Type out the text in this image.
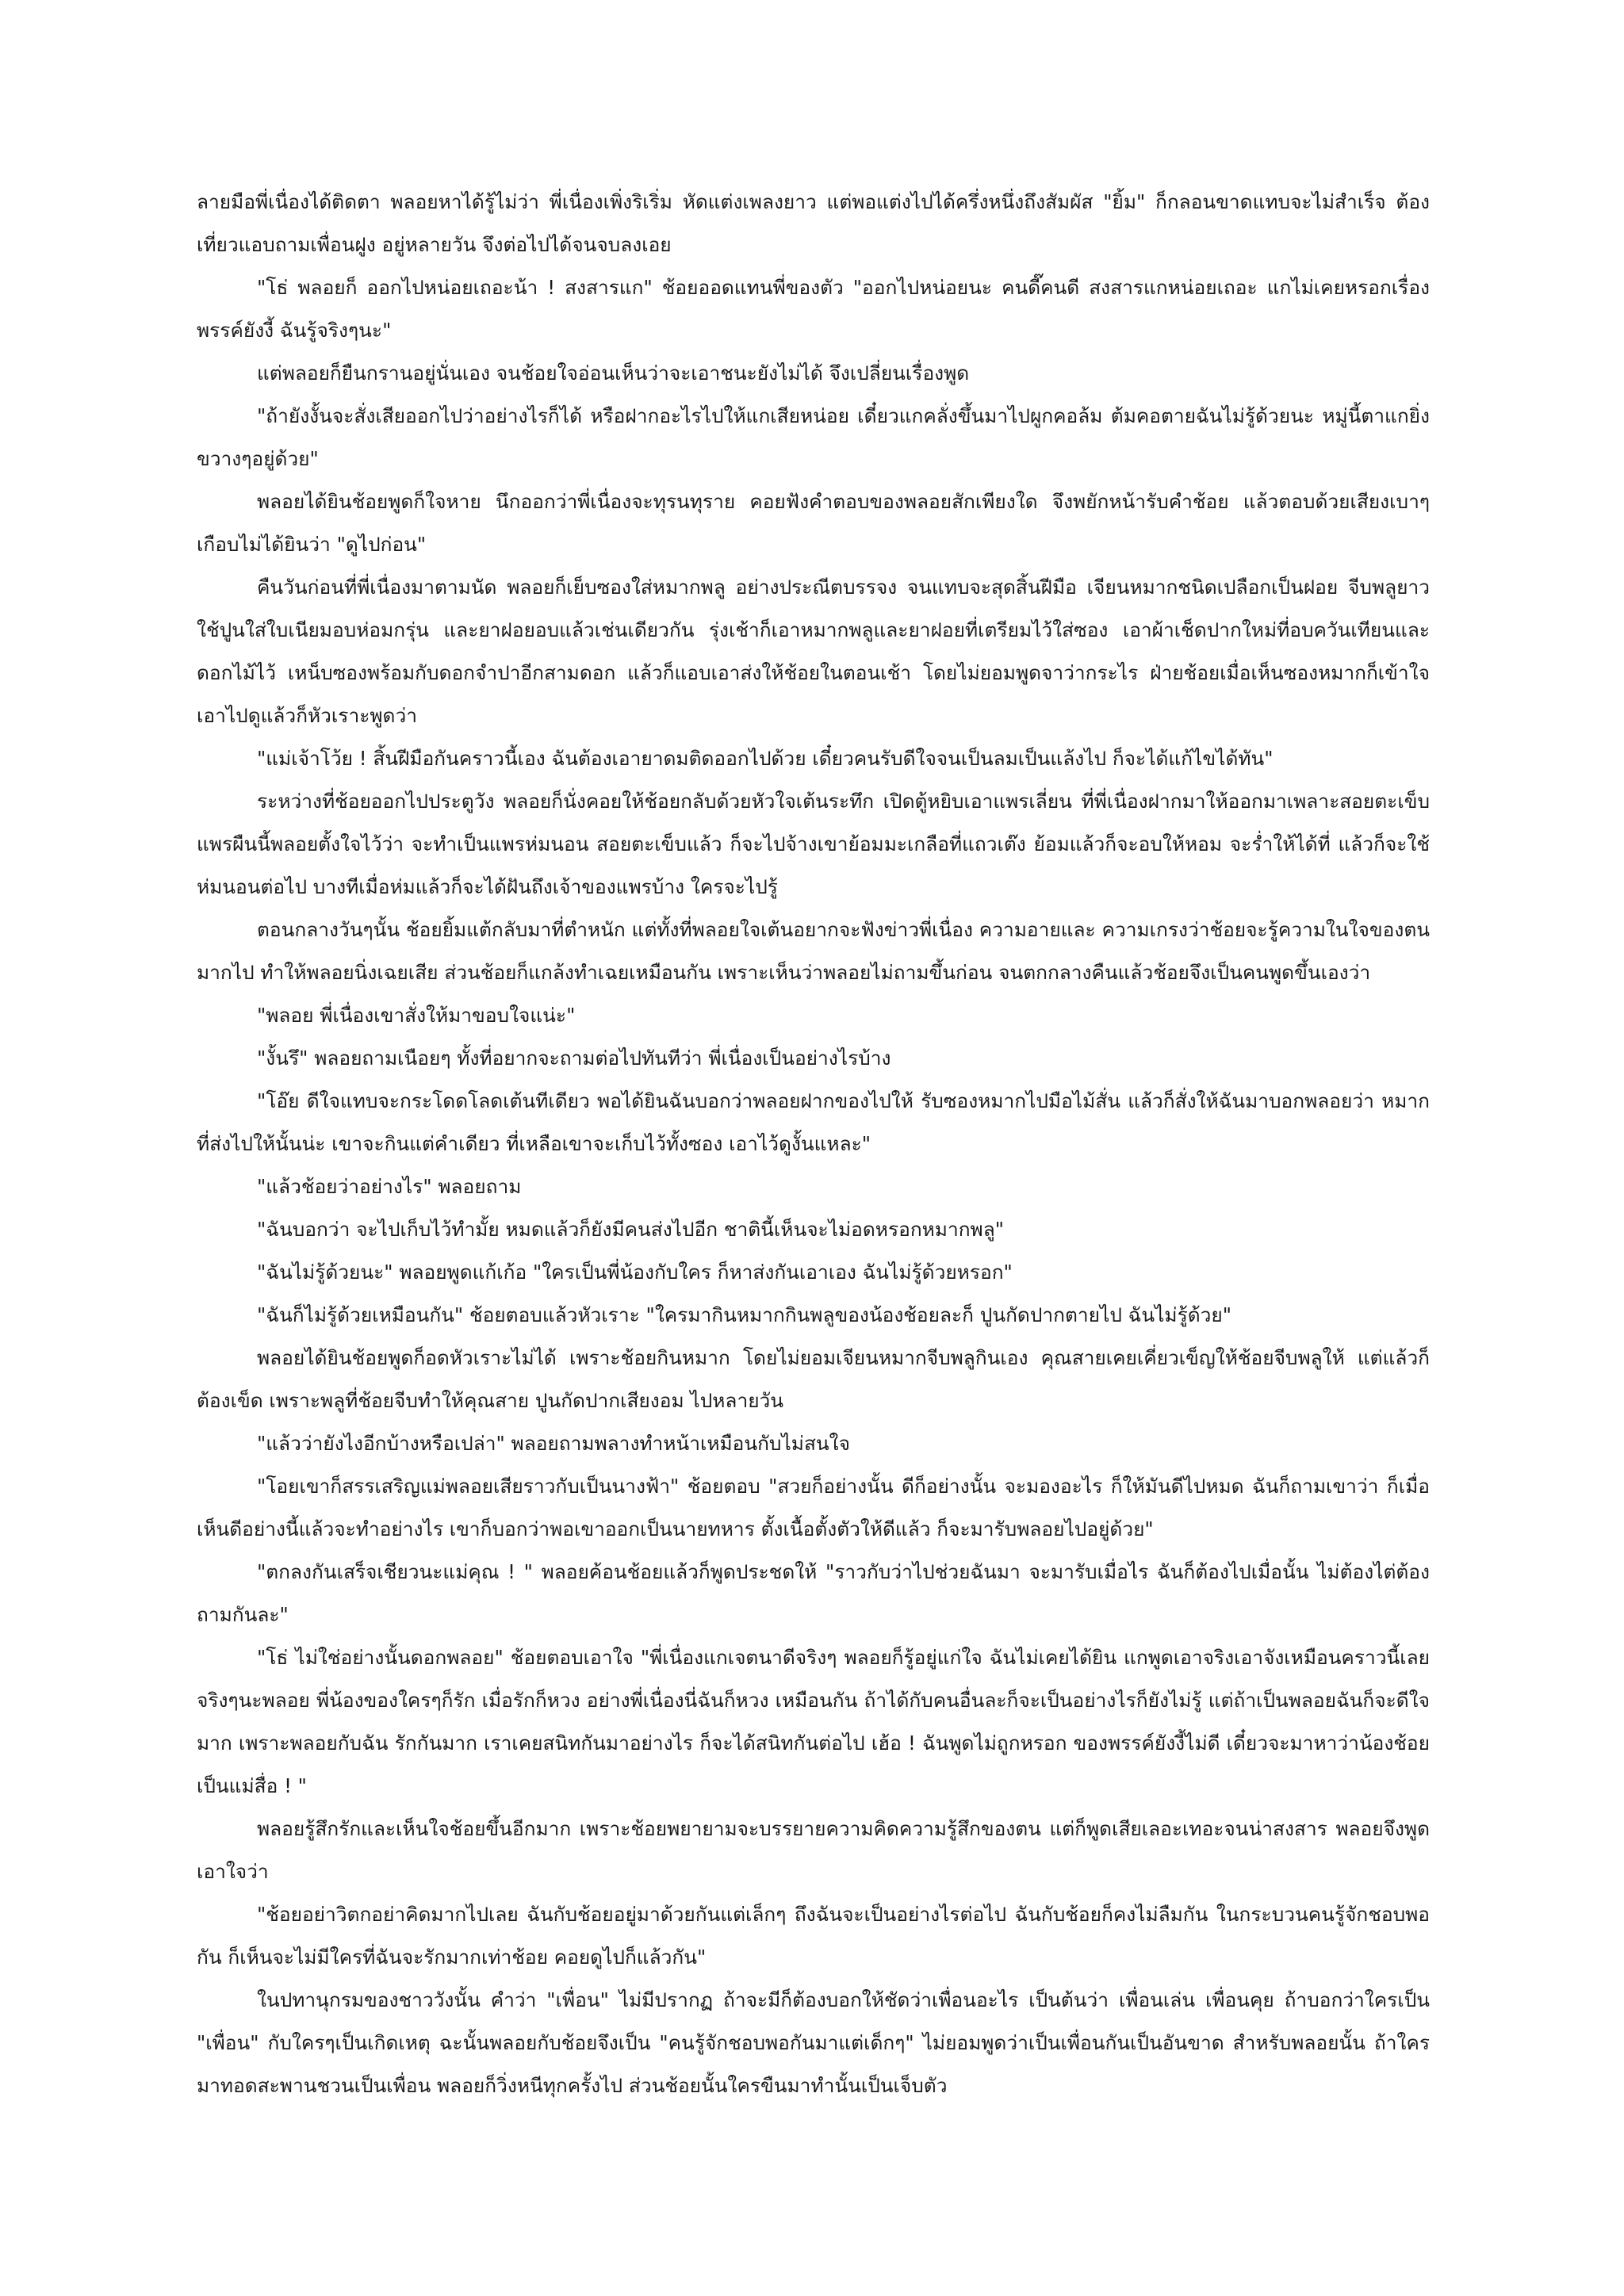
ลายมือพี่เนื่องได้ติดตา พลอยหาได้รู้ไม่ว่า พี่เนื่องเพิ่งริเริ่ม หัดแต่งเพลงยาว แต่พอแต่งไปได้ครึ่งหนึ่งถึงสัมผัส "ยิ้ม" ก็กลอนขาดแทบจะไม่สำเร็จ ต้องเที่ยวแอบถามเพื่อนฝูง อยู่หลายวัน จึงต่อไปได้จนจบลงเอย

"โธ่ พลอยก็ ออกไปหน่อยเถอะน้า ! สงสารแก" ช้อยออดแทนพี่ของตัว "ออกไปหน่อยนะ คนดี๊คนดี สงสารแกหน่อยเถอะ แกไม่เคยหรอกเรื่องพรรค์ยังงี้ ฉันรู้จริงๆนะ"

แต่พลอยก็ยืนกรานอยู่นั่นเอง จนช้อยใจอ่อนเห็นว่าจะเอาชนะยังไม่ได้ จึงเปลี่ยนเรื่องพูด

"ถ้ายังงั้นจะสั่งเสียออกไปว่าอย่างไรก็ได้ หรือฝากอะไรไปให้แกเสียหน่อย เดี๋ยวแกคลั่งขึ้นมาไปผูกคอล้ม ต้มคอตายฉันไม่รู้ด้วยนะ หมู่นี้ตาแกยิ่งขวางๆอยู่ด้วย"

พลอยได้ยินช้อยพูดก็ใจหาย นึกออกว่าพี่เนื่องจะทุรนทุราย คอยฟังคำตอบของพลอยสักเพียงใด จึงพยักหน้ารับคำช้อย แล้วตอบด้วยเสียงเบาๆ เกือบไม่ได้ยินว่า "ดูไปก่อน"

คืนวันก่อนที่พี่เนื่องมาตามนัด พลอยก็เย็บซองใส่หมากพลู อย่างประณีตบรรจง จนแทบจะสุดสิ้นฝีมือ เจียนหมากชนิดเปลือกเป็นฝอย จีบพลูยาวใช้ปูนใส่ใบเนียมอบห่อมกรุ่น และยาฝอยอบแล้วเช่นเดียวกัน รุ่งเช้าก็เอาหมากพลูและยาฝอยที่เตรียมไว้ใส่ซอง เอาผ้าเช็ดปากใหม่ที่อบควันเทียนและดอกไม้ไว้ เหน็บซองพร้อมกับดอกจำปาอีกสามดอก แล้วก็แอบเอาส่งให้ช้อยในตอนเช้า โดยไม่ยอมพูดจาว่ากระไร ฝ่ายช้อยเมื่อเห็นซองหมากก็เข้าใจ เอาไปดูแล้วก็หัวเราะพูดว่า

"แม่เจ้าโว้ย ! สิ้นฝีมือกันคราวนี้เอง ฉันต้องเอายาดมติดออกไปด้วย เดี๋ยวคนรับดีใจจนเป็นลมเป็นแล้งไป ก็จะได้แก้ไขได้ทัน"

ระหว่างที่ช้อยออกไปประตูวัง พลอยก็นั่งคอยให้ช้อยกลับด้วยหัวใจเต้นระทึก เปิดตู้หยิบเอาแพรเลี่ยน ที่พี่เนื่องฝากมาให้ออกมาเพลาะสอยตะเข็บ แพรผืนนี้พลอยตั้งใจไว้ว่า จะทำเป็นแพรห่มนอน สอยตะเข็บแล้ว ก็จะไปจ้างเขาย้อมมะเกลือที่แถวเต๊ง ย้อมแล้วก็จะอบให้หอม จะร่ำให้ได้ที่ แล้วก็จะใช้ห่มนอนต่อไป บางทีเมื่อห่มแล้วก็จะได้ฝันถึงเจ้าของแพรบ้าง ใครจะไปรู้

ตอนกลางวันๆนั้น ช้อยยิ้มแต้กลับมาที่ตำหนัก แต่ทั้งที่พลอยใจเต้นอยากจะฟังข่าวพี่เนื่อง ความอายและ ความเกรงว่าช้อยจะรู้ความในใจของตนมากไป ทำให้พลอยนิ่งเฉยเสีย ส่วนช้อยก็แกล้งทำเฉยเหมือนกัน เพราะเห็นว่าพลอยไม่ถามขึ้นก่อน จนตกกลางคืนแล้วช้อยจึงเป็นคนพูดขึ้นเองว่า

"พลอย พี่เนื่องเขาสั่งให้มาขอบใจแน่ะ"

"งั้นรึ" พลอยถามเนือยๆ ทั้งที่อยากจะถามต่อไปทันทีว่า พี่เนื่องเป็นอย่างไรบ้าง

"โอ๊ย ดีใจแทบจะกระโดดโลดเต้นทีเดียว พอได้ยินฉันบอกว่าพลอยฝากของไปให้ รับซองหมากไปมือไม้สั่น แล้วก็สั่งให้ฉันมาบอกพลอยว่า หมากที่ส่งไปให้นั้นน่ะ เขาจะกินแต่คำเดียว ที่เหลือเขาจะเก็บไว้ทั้งซอง เอาไว้ดูงั้นแหละ"

"แล้วช้อยว่าอย่างไร" พลอยถาม

"ฉันบอกว่า จะไปเก็บไว้ทำมั้ย หมดแล้วก็ยังมีคนส่งไปอีก ชาตินี้เห็นจะไม่อดหรอกหมากพลู"

"ฉันไม่รู้ด้วยนะ" พลอยพูดแก้เก้อ "ใครเป็นพี่น้องกับใคร ก็หาส่งกันเอาเอง ฉันไม่รู้ด้วยหรอก"

"ฉันก็ไม่รู้ด้วยเหมือนกัน" ช้อยตอบแล้วหัวเราะ "ใครมากินหมากกินพลูของน้องช้อยละก็ ปูนกัดปากตายไป ฉันไม่รู้ด้วย"

พลอยได้ยินช้อยพูดก็อดหัวเราะไม่ได้ เพราะช้อยกินหมาก โดยไม่ยอมเจียนหมากจีบพลูกินเอง คุณสายเคยเคี่ยวเข็ญให้ช้อยจีบพลูให้ แต่แล้วก็ต้องเข็ด เพราะพลูที่ช้อยจีบทำให้คุณสาย ปูนกัดปากเสียงอม ไปหลายวัน

"แล้วว่ายังไงอีกบ้างหรือเปล่า" พลอยถามพลางทำหน้าเหมือนกับไม่สนใจ

"โอยเขาก็สรรเสริญแม่พลอยเสียราวกับเป็นนางฟ้า" ช้อยตอบ "สวยก็อย่างนั้น ดีก็อย่างนั้น จะมองอะไร ก็ให้มันดีไปหมด ฉันก็ถามเขาว่า ก็เมื่อเห็นดีอย่างนี้แล้วจะทำอย่างไร เขาก็บอกว่าพอเขาออกเป็นนายทหาร ตั้งเนื้อตั้งตัวให้ดีแล้ว ก็จะมารับพลอยไปอยู่ด้วย"

"ตกลงกันเสร็จเชียวนะแม่คุณ ! " พลอยค้อนช้อยแล้วก็พูดประชดให้ "ราวกับว่าไปช่วยฉันมา จะมารับเมื่อไร ฉันก็ต้องไปเมื่อนั้น ไม่ต้องไต่ต้องถามกันละ"

"โธ่ ไม่ใช่อย่างนั้นดอกพลอย" ช้อยตอบเอาใจ "พี่เนื่องแกเจตนาดีจริงๆ พลอยก็รู้อยู่แก่ใจ ฉันไม่เคยได้ยิน แกพูดเอาจริงเอาจังเหมือนคราวนี้เลย จริงๆนะพลอย พี่น้องของใครๆก็รัก เมื่อรักก็หวง อย่างพี่เนื่องนี่ฉันก็หวง เหมือนกัน ถ้าได้กับคนอื่นละก็จะเป็นอย่างไรก็ยังไม่รู้ แต่ถ้าเป็นพลอยฉันก็จะดีใจมาก เพราะพลอยกับฉัน รักกันมาก เราเคยสนิทกันมาอย่างไร ก็จะได้สนิทกันต่อไป เฮ้อ ! ฉันพูดไม่ถูกหรอก ของพรรค์ยังงี้ไม่ดี เดี๋ยวจะมาหาว่าน้องช้อยเป็นแม่สื่อ ! "

พลอยรู้สึกรักและเห็นใจช้อยขึ้นอีกมาก เพราะช้อยพยายามจะบรรยายความคิดความรู้สึกของตน แต่ก็พูดเสียเลอะเทอะจนน่าสงสาร พลอยจึงพูดเอาใจว่า

"ช้อยอย่าวิตกอย่าคิดมากไปเลย ฉันกับช้อยอยู่มาด้วยกันแต่เล็กๆ ถึงฉันจะเป็นอย่างไรต่อไป ฉันกับช้อยก็คงไม่ลืมกัน ในกระบวนคนรู้จักชอบพอกัน ก็เห็นจะไม่มีใครที่ฉันจะรักมากเท่าช้อย คอยดูไปก็แล้วกัน"

ในปทานุกรมของชาววังนั้น คำว่า "เพื่อน" ไม่มีปรากฏ ถ้าจะมีก็ต้องบอกให้ชัดว่าเพื่อนอะไร เป็นต้นว่า เพื่อนเล่น เพื่อนคุย ถ้าบอกว่าใครเป็น "เพื่อน" กับใครๆเป็นเกิดเหตุ ฉะนั้นพลอยกับช้อยจึงเป็น "คนรู้จักชอบพอกันมาแต่เด็กๆ" ไม่ยอมพูดว่าเป็นเพื่อนกันเป็นอันขาด สำหรับพลอยนั้น ถ้าใครมาทอดสะพานชวนเป็นเพื่อน พลอยก็วิ่งหนีทุกครั้งไป ส่วนช้อยนั้นใครขืนมาทำนั้นเป็นเจ็บตัว
